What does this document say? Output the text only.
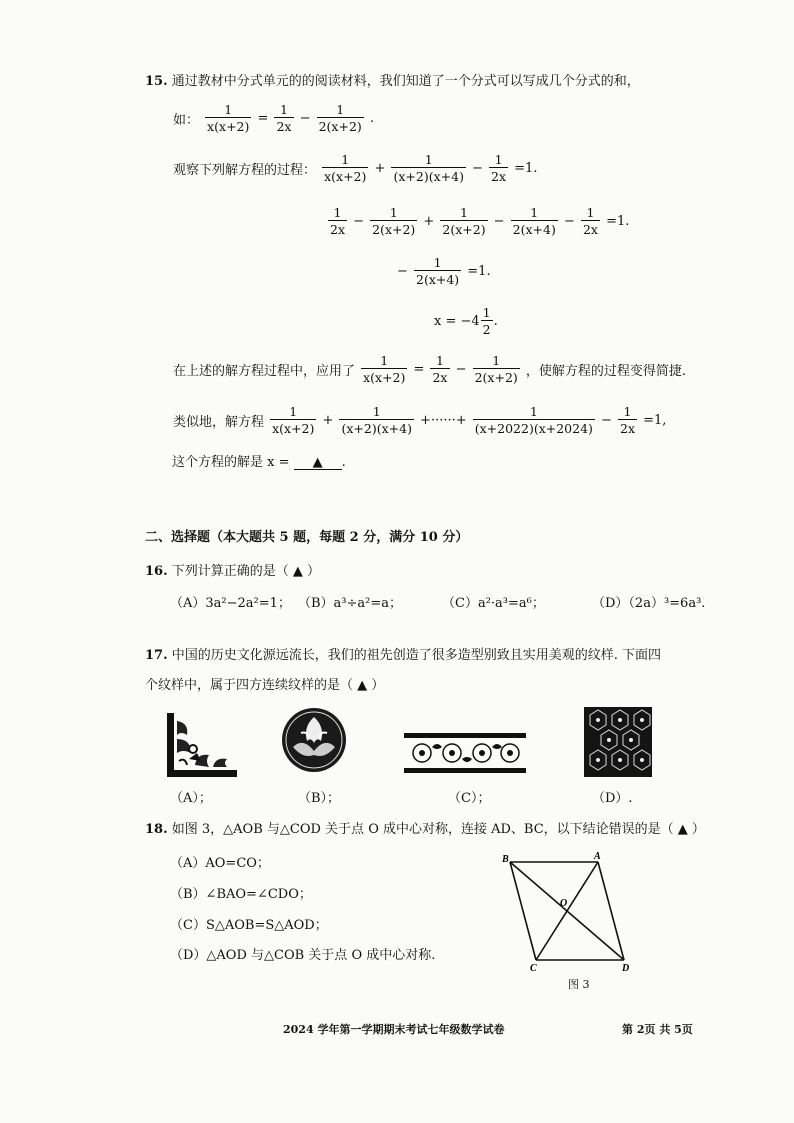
15. 通过教材中分式单元的的阅读材料，我们知道了一个分式可以写成几个分式的和，
如： $\frac{1}{x(x+2)} = \frac{1}{2x} - \frac{1}{2(x+2)}$ .
观察下列解方程的过程： $\frac{1}{x(x+2)} + \frac{1}{(x+2)(x+4)} - \frac{1}{2x} =1$.
$\frac{1}{2x} - \frac{1}{2(x+2)} + \frac{1}{2(x+2)} - \frac{1}{2(x+4)} - \frac{1}{2x} =1$.
− $\frac{1}{2(x+4)} =1$.
$x = -4 \frac{1}{2}$ .
在上述的解方程过程中，应用了 $\frac{1}{x(x+2)} = \frac{1}{2x} - \frac{1}{2(x+2)}$ ，使解方程的过程变得简捷.
类似地，解方程 $\frac{1}{x(x+2)} + \frac{1}{(x+2)(x+4)}$ +······+ $\frac{1}{(x+2022)(x+2024)} - \frac{1}{2x} =1$,
这个方程的解是 x = ▲ .
二、选择题（本大题共 5 题，每题 2 分，满分 10 分）
16. 下列计算正确的是（ ▲ ）
（A）3a²−2a²=1； （B）a³÷a²=a；	（C）a²·a³=a⁶；	（D）（2a）³=6a³.
17. 中国的历史文化源远流长，我们的祖先创造了很多造型别致且实用美观的纹样. 下面四
个纹样中，属于四方连续纹样的是（ ▲ ）
（A）；	（B）；	（C）；	（D）.
18. 如图 3，△AOB 与△COD 关于点 O 成中心对称，连接 AD、BC，以下结论错误的是（ ▲ ）
（A）AO=CO；
（B）∠BAO=∠CDO；
（C）S△AOB=S△AOD；
（D）△AOD 与△COB 关于点 O 成中心对称.
B	A
O
C	D
图 3
2024 学年第一学期期末考试七年级数学试卷	第 2页 共 5页
